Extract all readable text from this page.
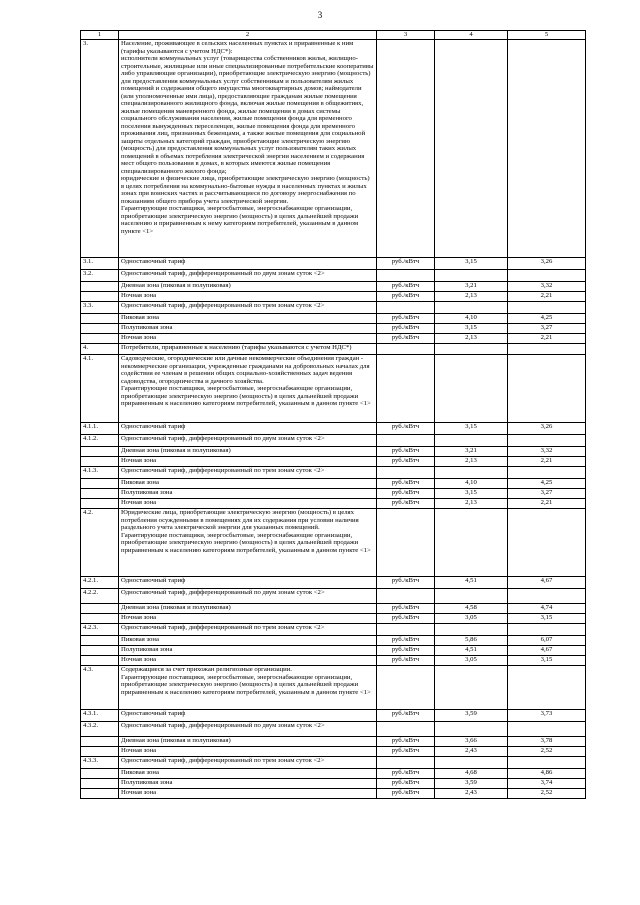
3
1	2	3	4	5
3.	Население, проживающее в сельских населенных пунктах и приравненные к ним (тарифы указываются с учетом НДС*):
исполнители коммунальных услуг (товарищества собственников жилья, жилищно-строительные, жилищные или иные специализированные потребительские кооперативы либо управляющие организации), приобретающие электрическую энергию (мощность) для предоставления коммунальных услуг собственникам и пользователям жилых помещений и содержания общего имущества многоквартирных домов; наймодатели (или уполномоченные ими лица), предоставляющие гражданам жилые помещения специализированного жилищного фонда, включая жилые помещения в общежитиях, жилые помещения маневренного фонда, жилые помещения в домах системы социального обслуживания населения, жилые помещения фонда для временного поселения вынужденных переселенцев, жилые помещения фонда для временного проживания лиц, признанных беженцами, а также жилые помещения для социальной защиты отдельных категорий граждан, приобретающие электрическую энергию (мощность) для предоставления коммунальных услуг пользователям таких жилых помещений в объемах потребления электрической энергии населением и содержания мест общего пользования в домах, в которых имеются жилые помещения специализированного жилого фонда;
юридические и физические лица, приобретающие электрическую энергию (мощность) в целях потребления на коммунально-бытовые нужды в населенных пунктах и жилых зонах при воинских частях и рассчитывающиеся по договору энергоснабжения по показаниям общего прибора учета электрической энергии.
Гарантирующие поставщики, энергосбытовые, энергоснабжающие организации, приобретающие электрическую энергию (мощность) в целях дальнейшей продажи населению и приравненным к нему категориям потребителей, указанным в данном пункте <1>			

3.1.	Одноставочный тариф	руб./кВтч	3,15	3,26
3.2.	Одноставочный тариф, дифференцированный по двум зонам суток <2>			
	Дневная зона (пиковая и полупиковая)	руб./кВтч	3,21	3,32
	Ночная зона	руб./кВтч	2,13	2,21
3.3.	Одноставочный тариф, дифференцированный по трем зонам суток <2>			
	Пиковая зона	руб./кВтч	4,10	4,25
	Полупиковая зона	руб./кВтч	3,15	3,27
	Ночная зона	руб./кВтч	2,13	2,21
4.	Потребители, приравненные к населению (тарифы указываются с учетом НДС*)			
4.1.	Садоводческие, огороднические или дачные некоммерческие объединения граждан - некоммерческие организации, учрежденные гражданами на добровольных началах для содействия ее членам в решении общих социально-хозяйственных задач ведения садоводства, огородничества и дачного хозяйства.
Гарантирующие поставщики, энергосбытовые, энергоснабжающие организации, приобретающие электрическую энергию (мощность) в целях дальнейшей продажи приравненным к населению категориям потребителей, указанным в данном пункте <1>			

4.1.1.	Одноставочный тариф	руб./кВтч	3,15	3,26
4.1.2.	Одноставочный тариф, дифференцированный по двум зонам суток <2>			
	Дневная зона (пиковая и полупиковая)	руб./кВтч	3,21	3,32
	Ночная зона	руб./кВтч	2,13	2,21
4.1.3.	Одноставочный тариф, дифференцированный по трем зонам суток <2>			
	Пиковая зона	руб./кВтч	4,10	4,25
	Полупиковая зона	руб./кВтч	3,15	3,27
	Ночная зона	руб./кВтч	2,13	2,21
4.2.	Юридические лица, приобретающие электрическую энергию (мощность) в целях потребления осужденными в помещениях для их содержания при условии наличия раздельного учета электрической энергии для указанных помещений.
Гарантирующие поставщики, энергосбытовые, энергоснабжающие организации, приобретающие электрическую энергию (мощность) в целях дальнейшей продажи приравненным к населению категориям потребителей, указанным в данном пункте <1>			

4.2.1.	Одноставочный тариф	руб./кВтч	4,51	4,67
4.2.2.	Одноставочный тариф, дифференцированный по двум зонам суток <2>			
	Дневная зона (пиковая и полупиковая)	руб./кВтч	4,58	4,74
	Ночная зона	руб./кВтч	3,05	3,15
4.2.3.	Одноставочный тариф, дифференцированный по трем зонам суток <2>			
	Пиковая зона	руб./кВтч	5,86	6,07
	Полупиковая зона	руб./кВтч	4,51	4,67
	Ночная зона	руб./кВтч	3,05	3,15
4.3.	Содержащиеся за счет прихожан религиозные организации.
Гарантирующие поставщики, энергосбытовые, энергоснабжающие организации, приобретающие электрическую энергию (мощность) в целях дальнейшей продажи приравненным к населению категориям потребителей, указанным в данном пункте <1>			

4.3.1.	Одноставочный тариф	руб./кВтч	3,59	3,73
4.3.2.	Одноставочный тариф, дифференцированный по двум зонам суток <2>			
	Дневная зона (пиковая и полупиковая)	руб./кВтч	3,66	3,78
	Ночная зона	руб./кВтч	2,43	2,52
4.3.3.	Одноставочный тариф, дифференцированный по трем зонам суток <2>			
	Пиковая зона	руб./кВтч	4,68	4,86
	Полупиковая зона	руб./кВтч	3,59	3,74
	Ночная зона	руб./кВтч	2,43	2,52
